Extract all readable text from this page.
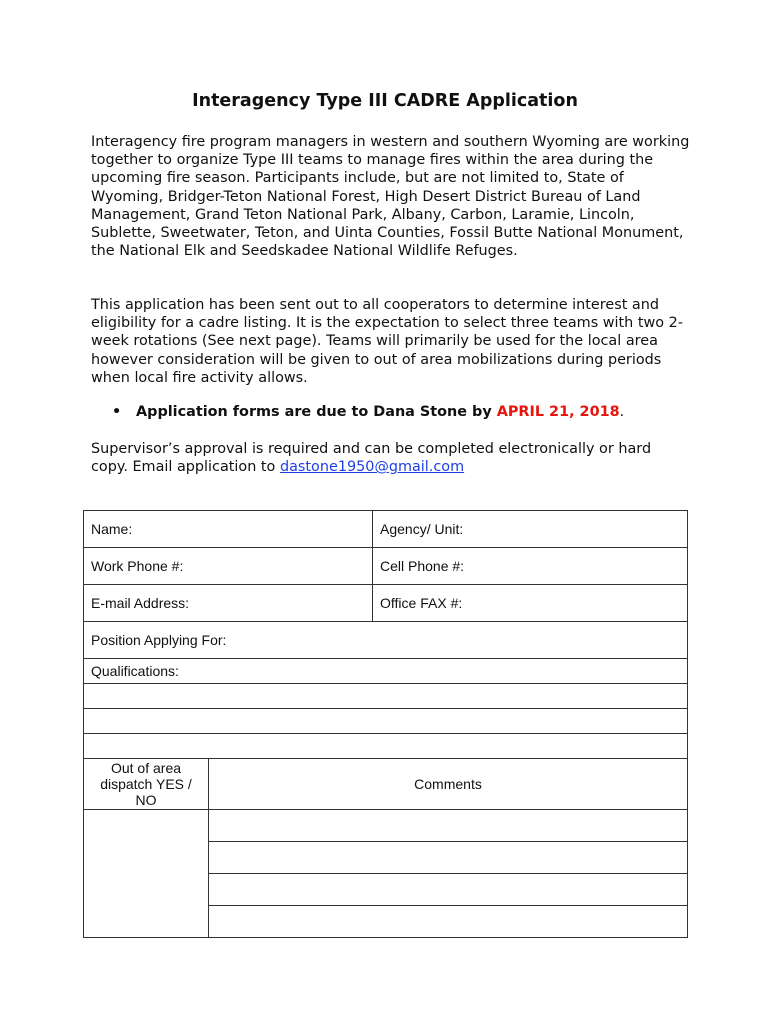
Interagency Type III CADRE Application

Interagency fire program managers in western and southern Wyoming are working together to organize Type III teams to manage fires within the area during the upcoming fire season. Participants include, but are not limited to, State of Wyoming, Bridger-Teton National Forest, High Desert District Bureau of Land Management, Grand Teton National Park, Albany, Carbon, Laramie, Lincoln, Sublette, Sweetwater, Teton, and Uinta Counties, Fossil Butte National Monument, the National Elk and Seedskadee National Wildlife Refuges.

This application has been sent out to all cooperators to determine interest and eligibility for a cadre listing. It is the expectation to select three teams with two 2-week rotations (See next page). Teams will primarily be used for the local area however consideration will be given to out of area mobilizations during periods when local fire activity allows.

• Application forms are due to Dana Stone by APRIL 21, 2018.

Supervisor’s approval is required and can be completed electronically or hard copy. Email application to dastone1950@gmail.com

Name:		Agency/ Unit:
Work Phone #:		Cell Phone #:
E-mail Address:		Office FAX #:
Position Applying For:		
Qualifications:		

Out of area dispatch YES / NO	Comments	
